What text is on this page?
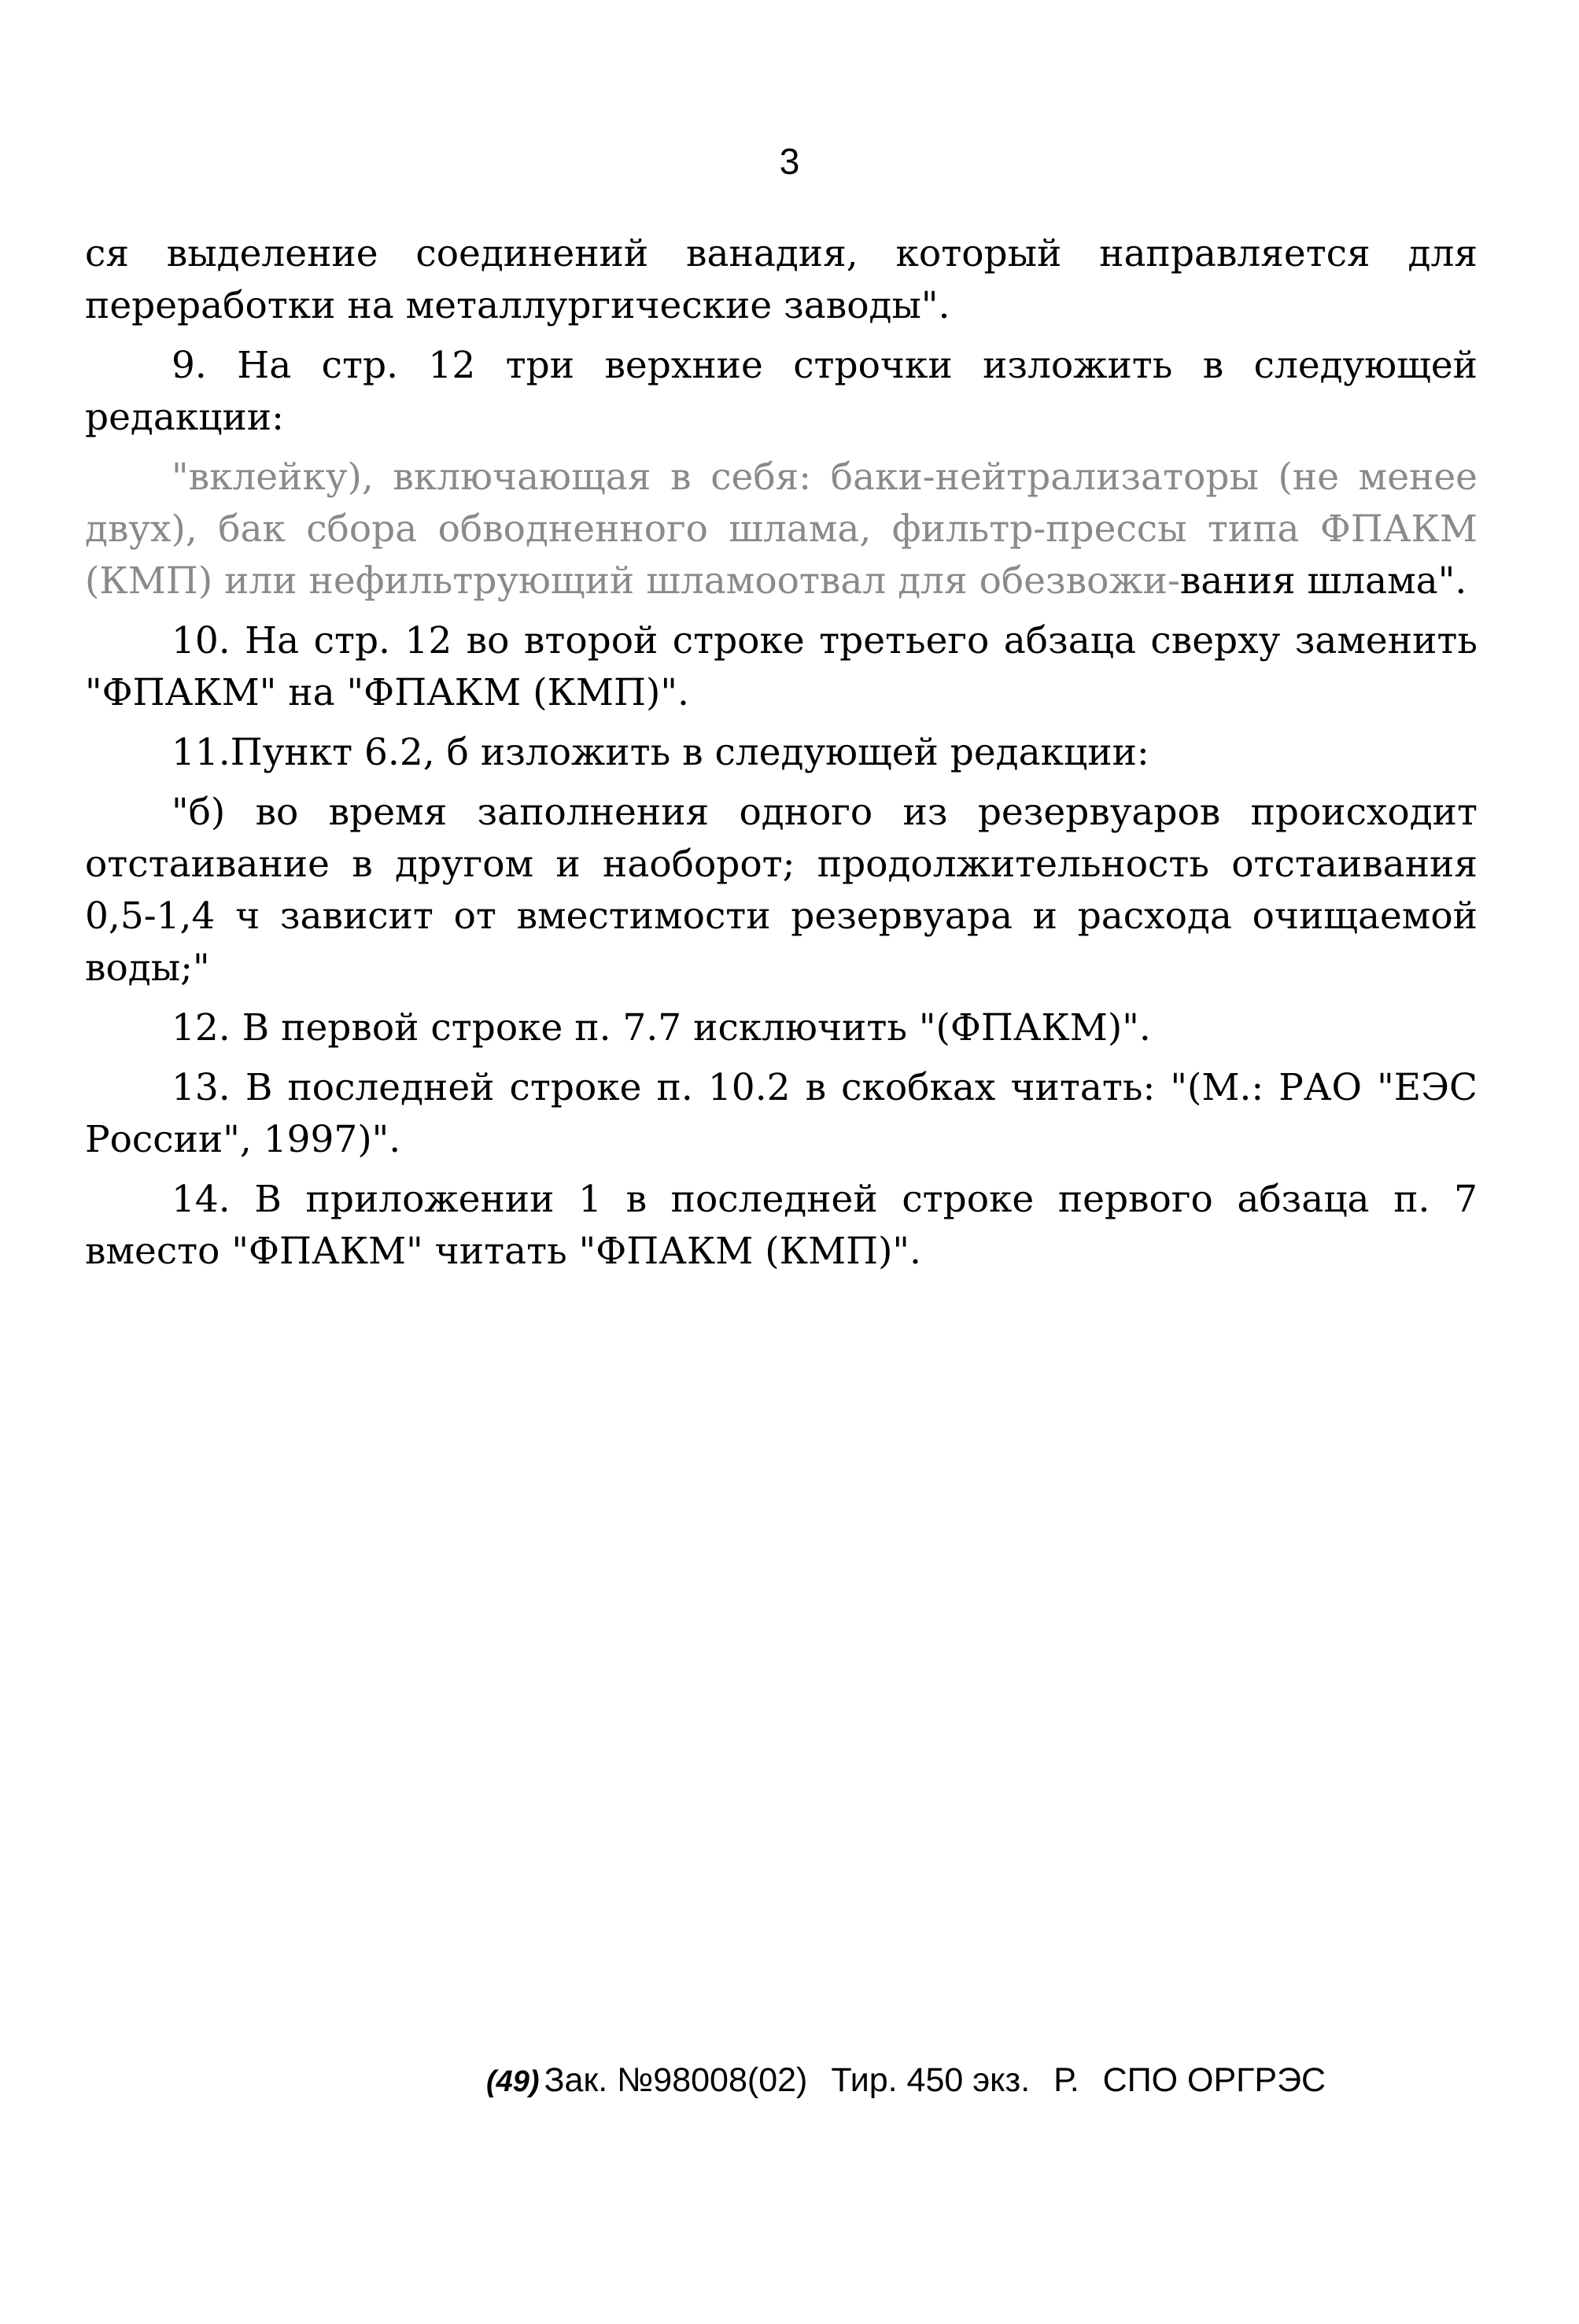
3

ся выделение соединений ванадия, который направляется для переработки на металлургические заводы".

9. На стр. 12 три верхние строчки изложить в следующей редакции:

"вклейку), включающая в себя: баки-нейтрализаторы (не менее двух), бак сбора обводненного шлама, фильтр-прессы типа ФПАКМ (КМП) или нефильтрующий шламоотвал для обезвожи-вания шлама".

10. На стр. 12 во второй строке третьего абзаца сверху заменить "ФПАКМ" на "ФПАКМ (КМП)".

11.Пункт 6.2, б изложить в следующей редакции:

"б) во время заполнения одного из резервуаров происходит отстаивание в другом и наоборот; продолжительность отстаивания 0,5-1,4 ч зависит от вместимости резервуара и расхода очищаемой воды;"

12. В первой строке п. 7.7 исключить "(ФПАКМ)".

13. В последней строке п. 10.2 в скобках читать: "(М.: РАО "ЕЭС России", 1997)".

14. В приложении 1 в последней строке первого абзаца п. 7 вместо "ФПАКМ" читать "ФПАКМ (КМП)".

(49) Зак. №98008(02) Тир. 450 экз. Р. СПО ОРГРЭС
